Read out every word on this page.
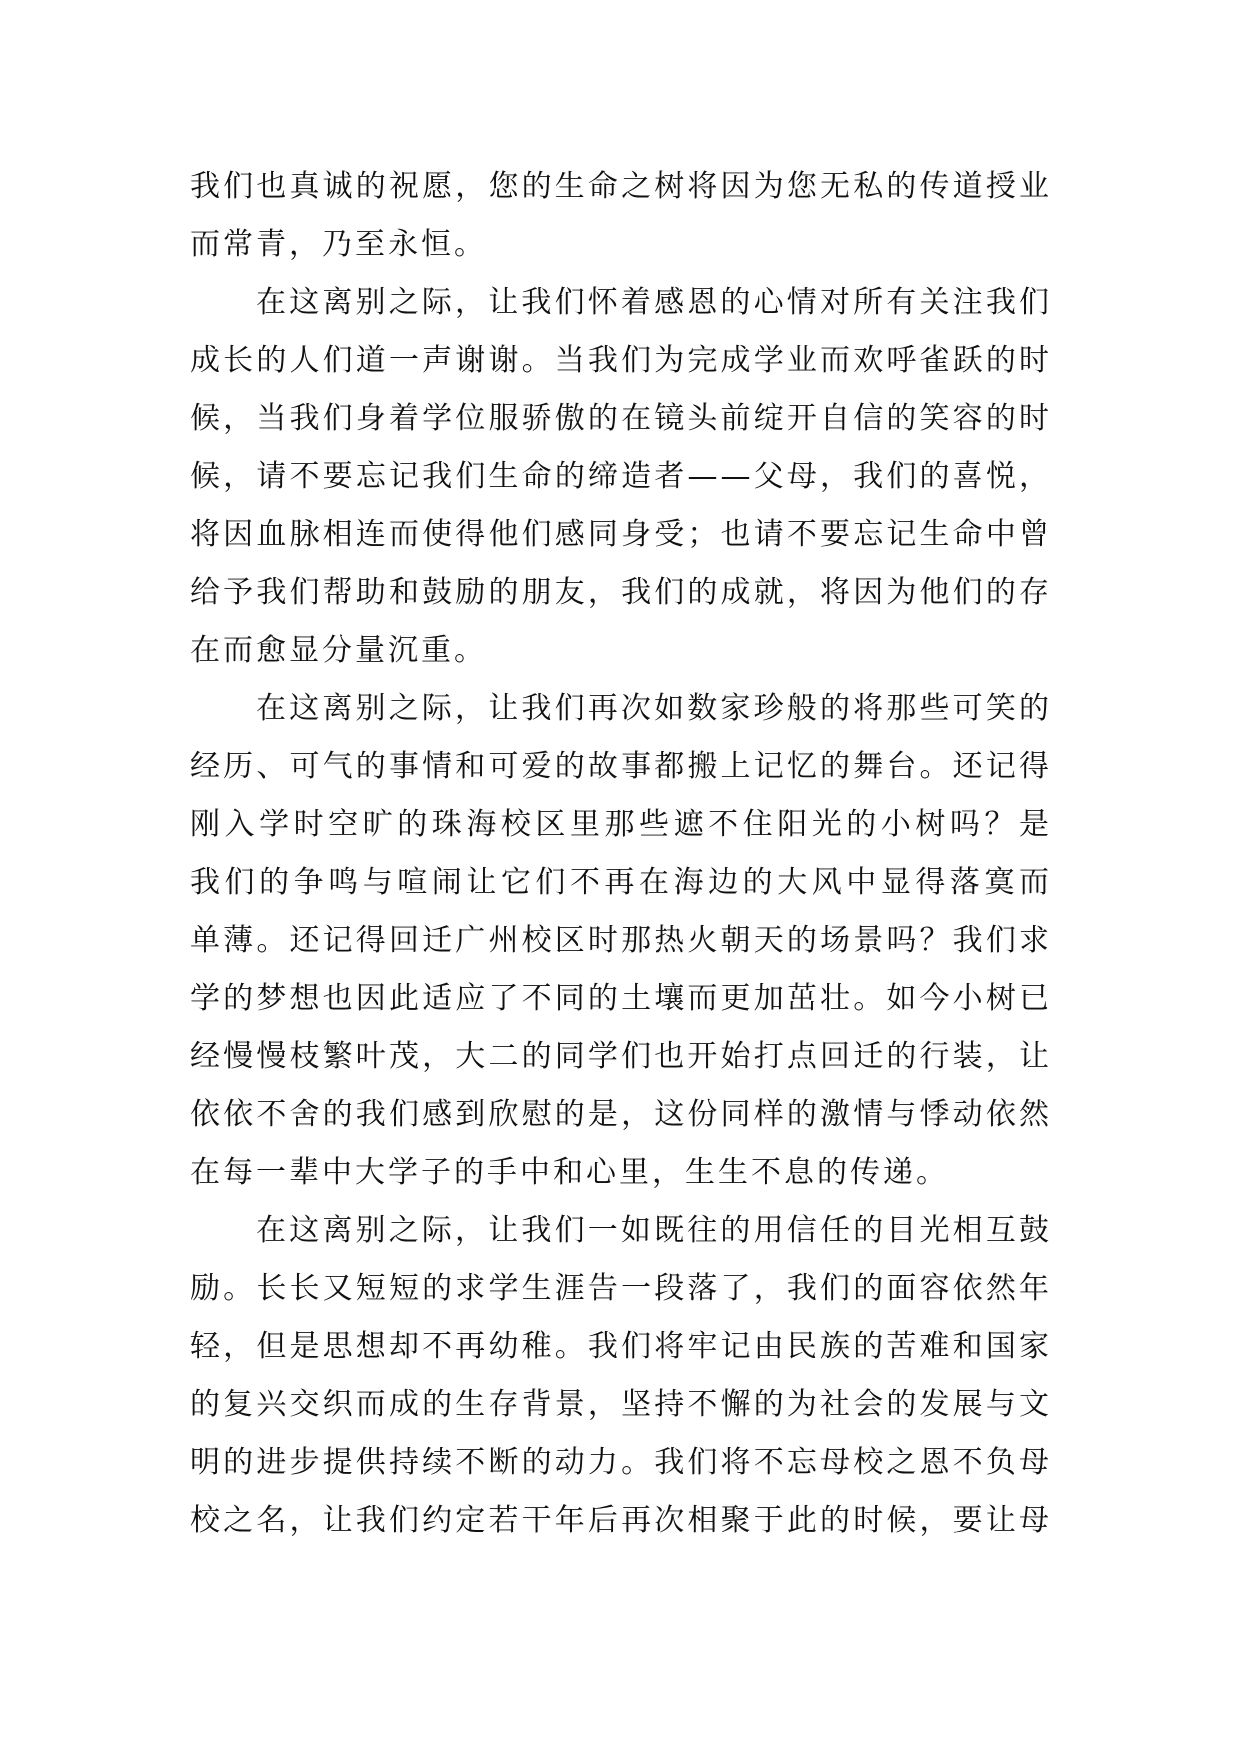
我们也真诚的祝愿，您的生命之树将因为您无私的传道授业
而常青，乃至永恒。
在这离别之际，让我们怀着感恩的心情对所有关注我们
成长的人们道一声谢谢。当我们为完成学业而欢呼雀跃的时
候，当我们身着学位服骄傲的在镜头前绽开自信的笑容的时
候，请不要忘记我们生命的缔造者——父母，我们的喜悦，
将因血脉相连而使得他们感同身受；也请不要忘记生命中曾
给予我们帮助和鼓励的朋友，我们的成就，将因为他们的存
在而愈显分量沉重。
在这离别之际，让我们再次如数家珍般的将那些可笑的
经历、可气的事情和可爱的故事都搬上记忆的舞台。还记得
刚入学时空旷的珠海校区里那些遮不住阳光的小树吗？是
我们的争鸣与喧闹让它们不再在海边的大风中显得落寞而
单薄。还记得回迁广州校区时那热火朝天的场景吗？我们求
学的梦想也因此适应了不同的土壤而更加茁壮。如今小树已
经慢慢枝繁叶茂，大二的同学们也开始打点回迁的行装，让
依依不舍的我们感到欣慰的是，这份同样的激情与悸动依然
在每一辈中大学子的手中和心里，生生不息的传递。
在这离别之际，让我们一如既往的用信任的目光相互鼓
励。长长又短短的求学生涯告一段落了，我们的面容依然年
轻，但是思想却不再幼稚。我们将牢记由民族的苦难和国家
的复兴交织而成的生存背景，坚持不懈的为社会的发展与文
明的进步提供持续不断的动力。我们将不忘母校之恩不负母
校之名，让我们约定若干年后再次相聚于此的时候，要让母
